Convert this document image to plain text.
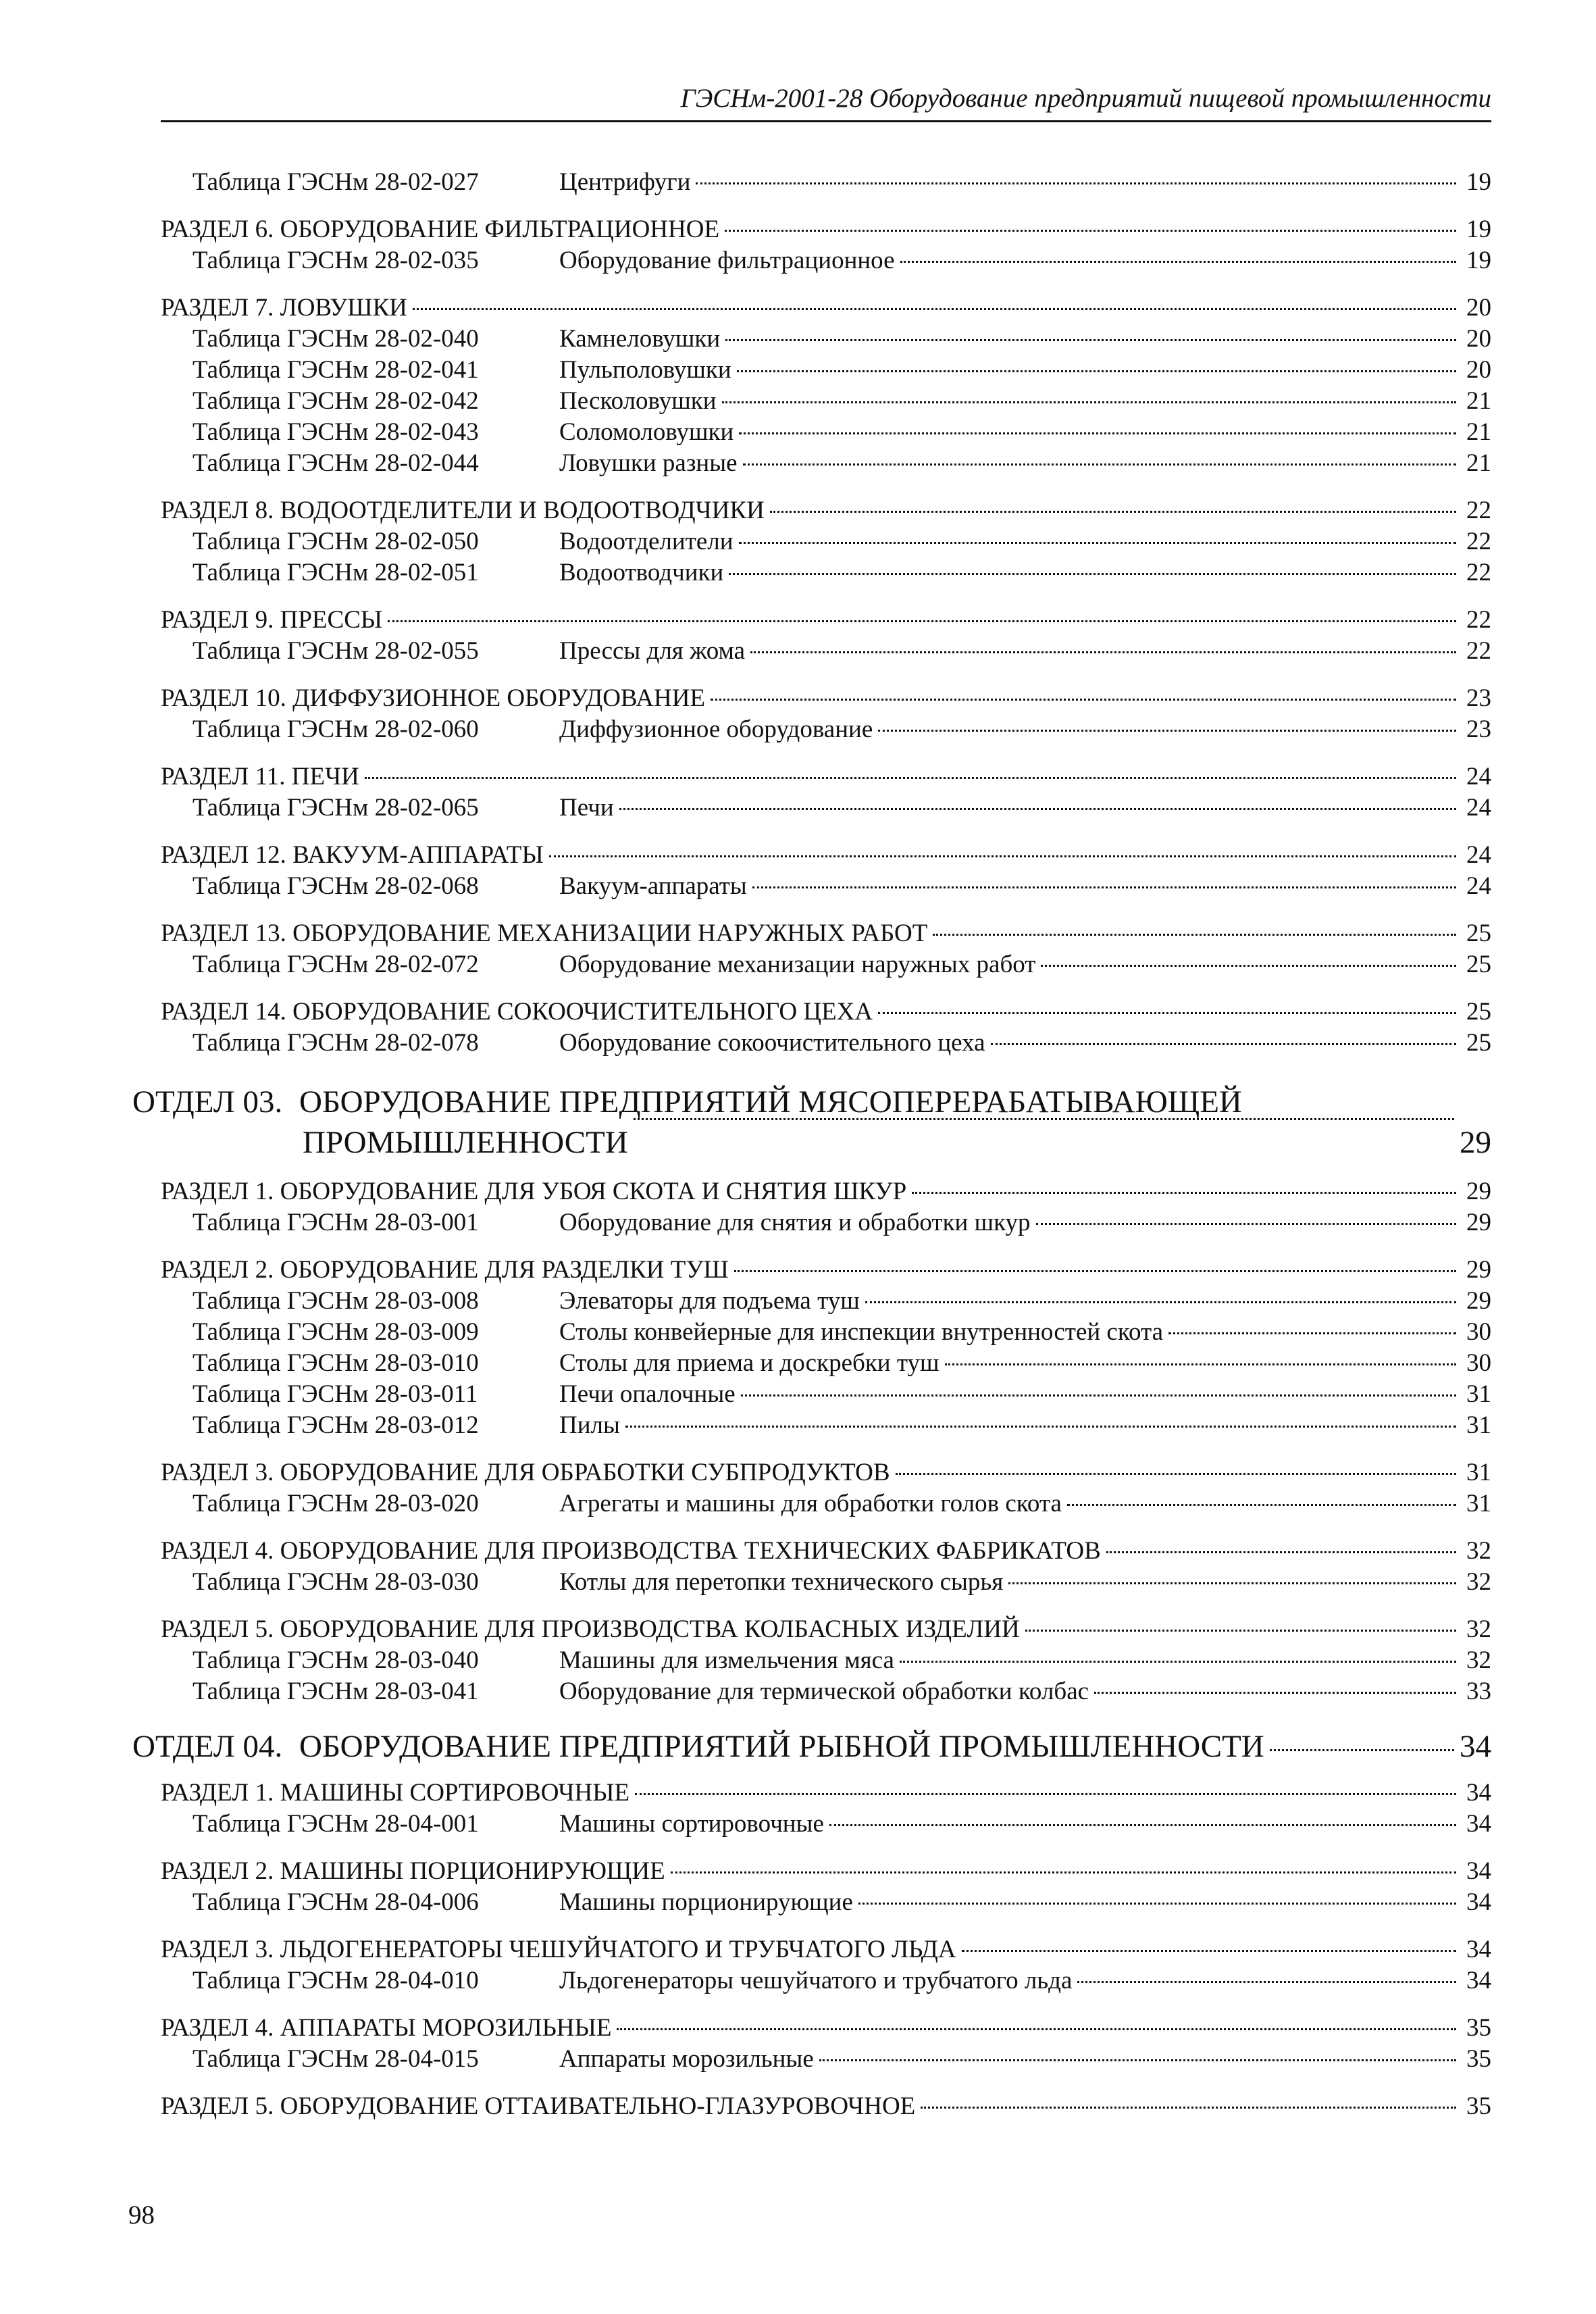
ГЭСНм-2001-28 Оборудование предприятий пищевой промышленности
Таблица ГЭСНм 28-02-027	Центрифуги	19
РАЗДЕЛ 6. ОБОРУДОВАНИЕ ФИЛЬТРАЦИОННОЕ	19
Таблица ГЭСНм 28-02-035	Оборудование фильтрационное	19
РАЗДЕЛ 7. ЛОВУШКИ	20
Таблица ГЭСНм 28-02-040	Камнеловушки	20
Таблица ГЭСНм 28-02-041	Пульполовушки	20
Таблица ГЭСНм 28-02-042	Песколовушки	21
Таблица ГЭСНм 28-02-043	Соломоловушки	21
Таблица ГЭСНм 28-02-044	Ловушки разные	21
РАЗДЕЛ 8. ВОДООТДЕЛИТЕЛИ И ВОДООТВОДЧИКИ	22
Таблица ГЭСНм 28-02-050	Водоотделители	22
Таблица ГЭСНм 28-02-051	Водоотводчики	22
РАЗДЕЛ 9. ПРЕССЫ	22
Таблица ГЭСНм 28-02-055	Прессы для жома	22
РАЗДЕЛ 10. ДИФФУЗИОННОЕ ОБОРУДОВАНИЕ	23
Таблица ГЭСНм 28-02-060	Диффузионное оборудование	23
РАЗДЕЛ 11. ПЕЧИ	24
Таблица ГЭСНм 28-02-065	Печи	24
РАЗДЕЛ 12. ВАКУУМ-АППАРАТЫ	24
Таблица ГЭСНм 28-02-068	Вакуум-аппараты	24
РАЗДЕЛ 13. ОБОРУДОВАНИЕ МЕХАНИЗАЦИИ НАРУЖНЫХ РАБОТ	25
Таблица ГЭСНм 28-02-072	Оборудование механизации наружных работ	25
РАЗДЕЛ 14. ОБОРУДОВАНИЕ СОКООЧИСТИТЕЛЬНОГО ЦЕХА	25
Таблица ГЭСНм 28-02-078	Оборудование сокоочистительного цеха	25
ОТДЕЛ 03. ОБОРУДОВАНИЕ ПРЕДПРИЯТИЙ МЯСОПЕРЕРАБАТЫВАЮЩЕЙ
ПРОМЫШЛЕННОСТИ	29
РАЗДЕЛ 1. ОБОРУДОВАНИЕ ДЛЯ УБОЯ СКОТА И СНЯТИЯ ШКУР	29
Таблица ГЭСНм 28-03-001	Оборудование для снятия и обработки шкур	29
РАЗДЕЛ 2. ОБОРУДОВАНИЕ ДЛЯ РАЗДЕЛКИ ТУШ	29
Таблица ГЭСНм 28-03-008	Элеваторы для подъема туш	29
Таблица ГЭСНм 28-03-009	Столы конвейерные для инспекции внутренностей скота	30
Таблица ГЭСНм 28-03-010	Столы для приема и доскребки туш	30
Таблица ГЭСНм 28-03-011	Печи опалочные	31
Таблица ГЭСНм 28-03-012	Пилы	31
РАЗДЕЛ 3. ОБОРУДОВАНИЕ ДЛЯ ОБРАБОТКИ СУБПРОДУКТОВ	31
Таблица ГЭСНм 28-03-020	Агрегаты и машины для обработки голов скота	31
РАЗДЕЛ 4. ОБОРУДОВАНИЕ ДЛЯ ПРОИЗВОДСТВА ТЕХНИЧЕСКИХ ФАБРИКАТОВ	32
Таблица ГЭСНм 28-03-030	Котлы для перетопки технического сырья	32
РАЗДЕЛ 5. ОБОРУДОВАНИЕ ДЛЯ ПРОИЗВОДСТВА КОЛБАСНЫХ ИЗДЕЛИЙ	32
Таблица ГЭСНм 28-03-040	Машины для измельчения мяса	32
Таблица ГЭСНм 28-03-041	Оборудование для термической обработки колбас	33
ОТДЕЛ 04. ОБОРУДОВАНИЕ ПРЕДПРИЯТИЙ РЫБНОЙ ПРОМЫШЛЕННОСТИ	34
РАЗДЕЛ 1. МАШИНЫ СОРТИРОВОЧНЫЕ	34
Таблица ГЭСНм 28-04-001	Машины сортировочные	34
РАЗДЕЛ 2. МАШИНЫ ПОРЦИОНИРУЮЩИЕ	34
Таблица ГЭСНм 28-04-006	Машины порционирующие	34
РАЗДЕЛ 3. ЛЬДОГЕНЕРАТОРЫ ЧЕШУЙЧАТОГО И ТРУБЧАТОГО ЛЬДА	34
Таблица ГЭСНм 28-04-010	Льдогенераторы чешуйчатого и трубчатого льда	34
РАЗДЕЛ 4. АППАРАТЫ МОРОЗИЛЬНЫЕ	35
Таблица ГЭСНм 28-04-015	Аппараты морозильные	35
РАЗДЕЛ 5. ОБОРУДОВАНИЕ ОТТАИВАТЕЛЬНО-ГЛАЗУРОВОЧНОЕ	35
98
